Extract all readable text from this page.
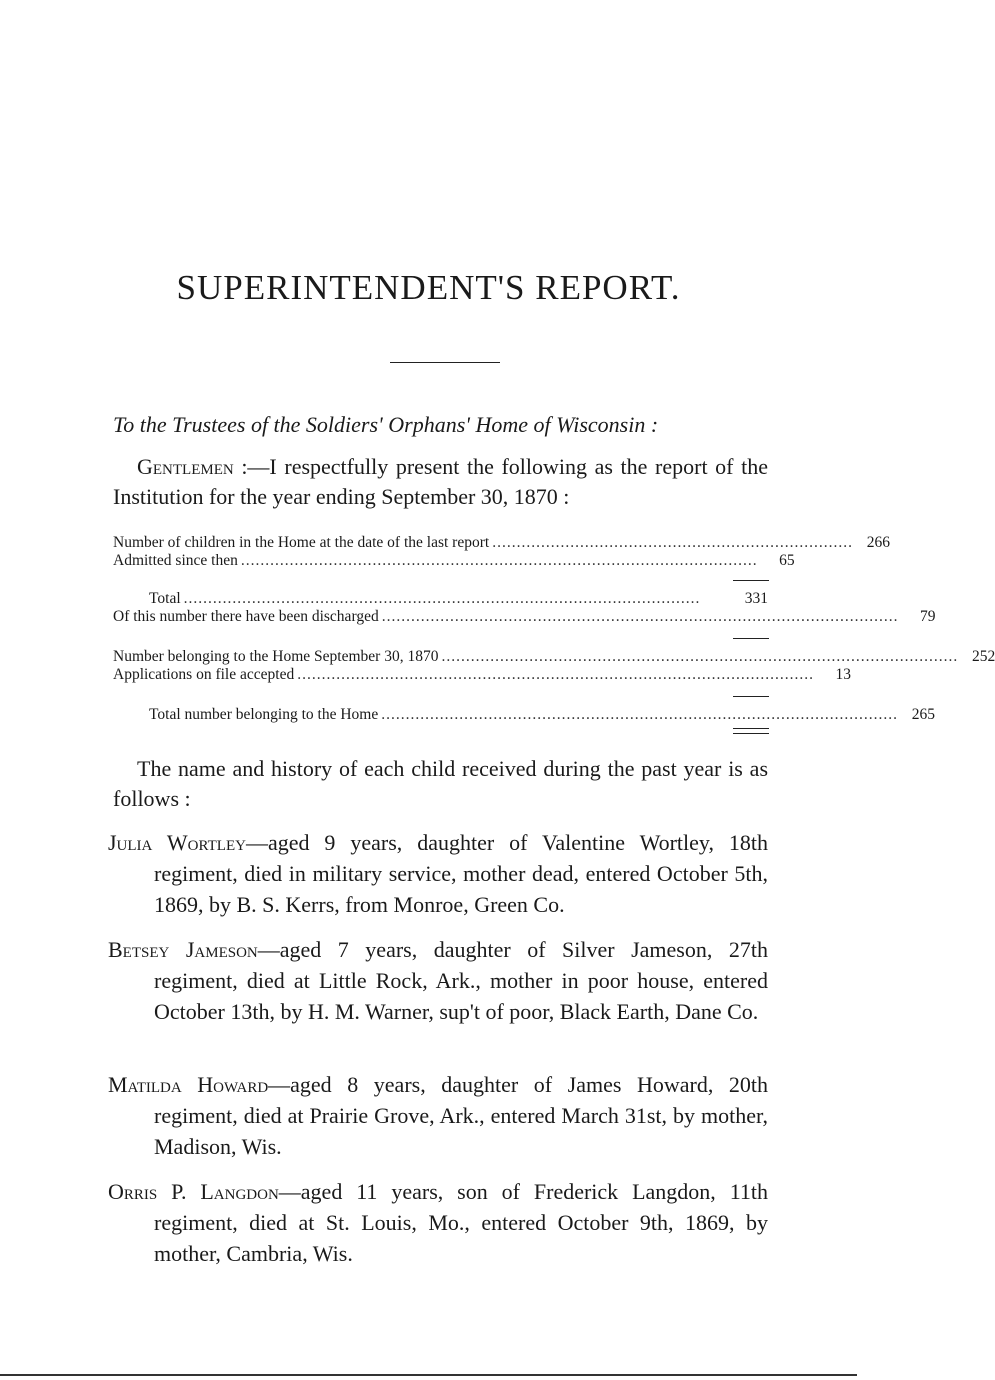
SUPERINTENDENT'S REPORT.
To the Trustees of the Soldiers' Orphans' Home of Wisconsin :
Gentlemen :—I respectfully present the following as the report of the Institution for the year ending September 30, 1870 :
Number of children in the Home at the date of the last report .......................................................................... 266
Admitted since then ..........................................................................................................	65
Total ..........................................................................................................	331
Of this number there have been discharged ..........................................................................................................	79
Number belonging to the Home September 30, 1870 .......................................................................................................... 252
Applications on file accepted ..........................................................................................................	13
Total number belonging to the Home .......................................................................................................... 265
The name and history of each child received during the past year is as follows :
Julia Wortley—aged 9 years, daughter of Valentine Wortley, 18th regiment, died in military service, mother dead, entered October 5th, 1869, by B. S. Kerrs, from Monroe, Green Co.
Betsey Jameson—aged 7 years, daughter of Silver Jameson, 27th regiment, died at Little Rock, Ark., mother in poor house, entered October 13th, by H. M. Warner, sup't of poor, Black Earth, Dane Co.
Matilda Howard—aged 8 years, daughter of James Howard, 20th regiment, died at Prairie Grove, Ark., entered March 31st, by mother, Madison, Wis.
Orris P. Langdon—aged 11 years, son of Frederick Langdon, 11th regiment, died at St. Louis, Mo., entered October 9th, 1869, by mother, Cambria, Wis.
